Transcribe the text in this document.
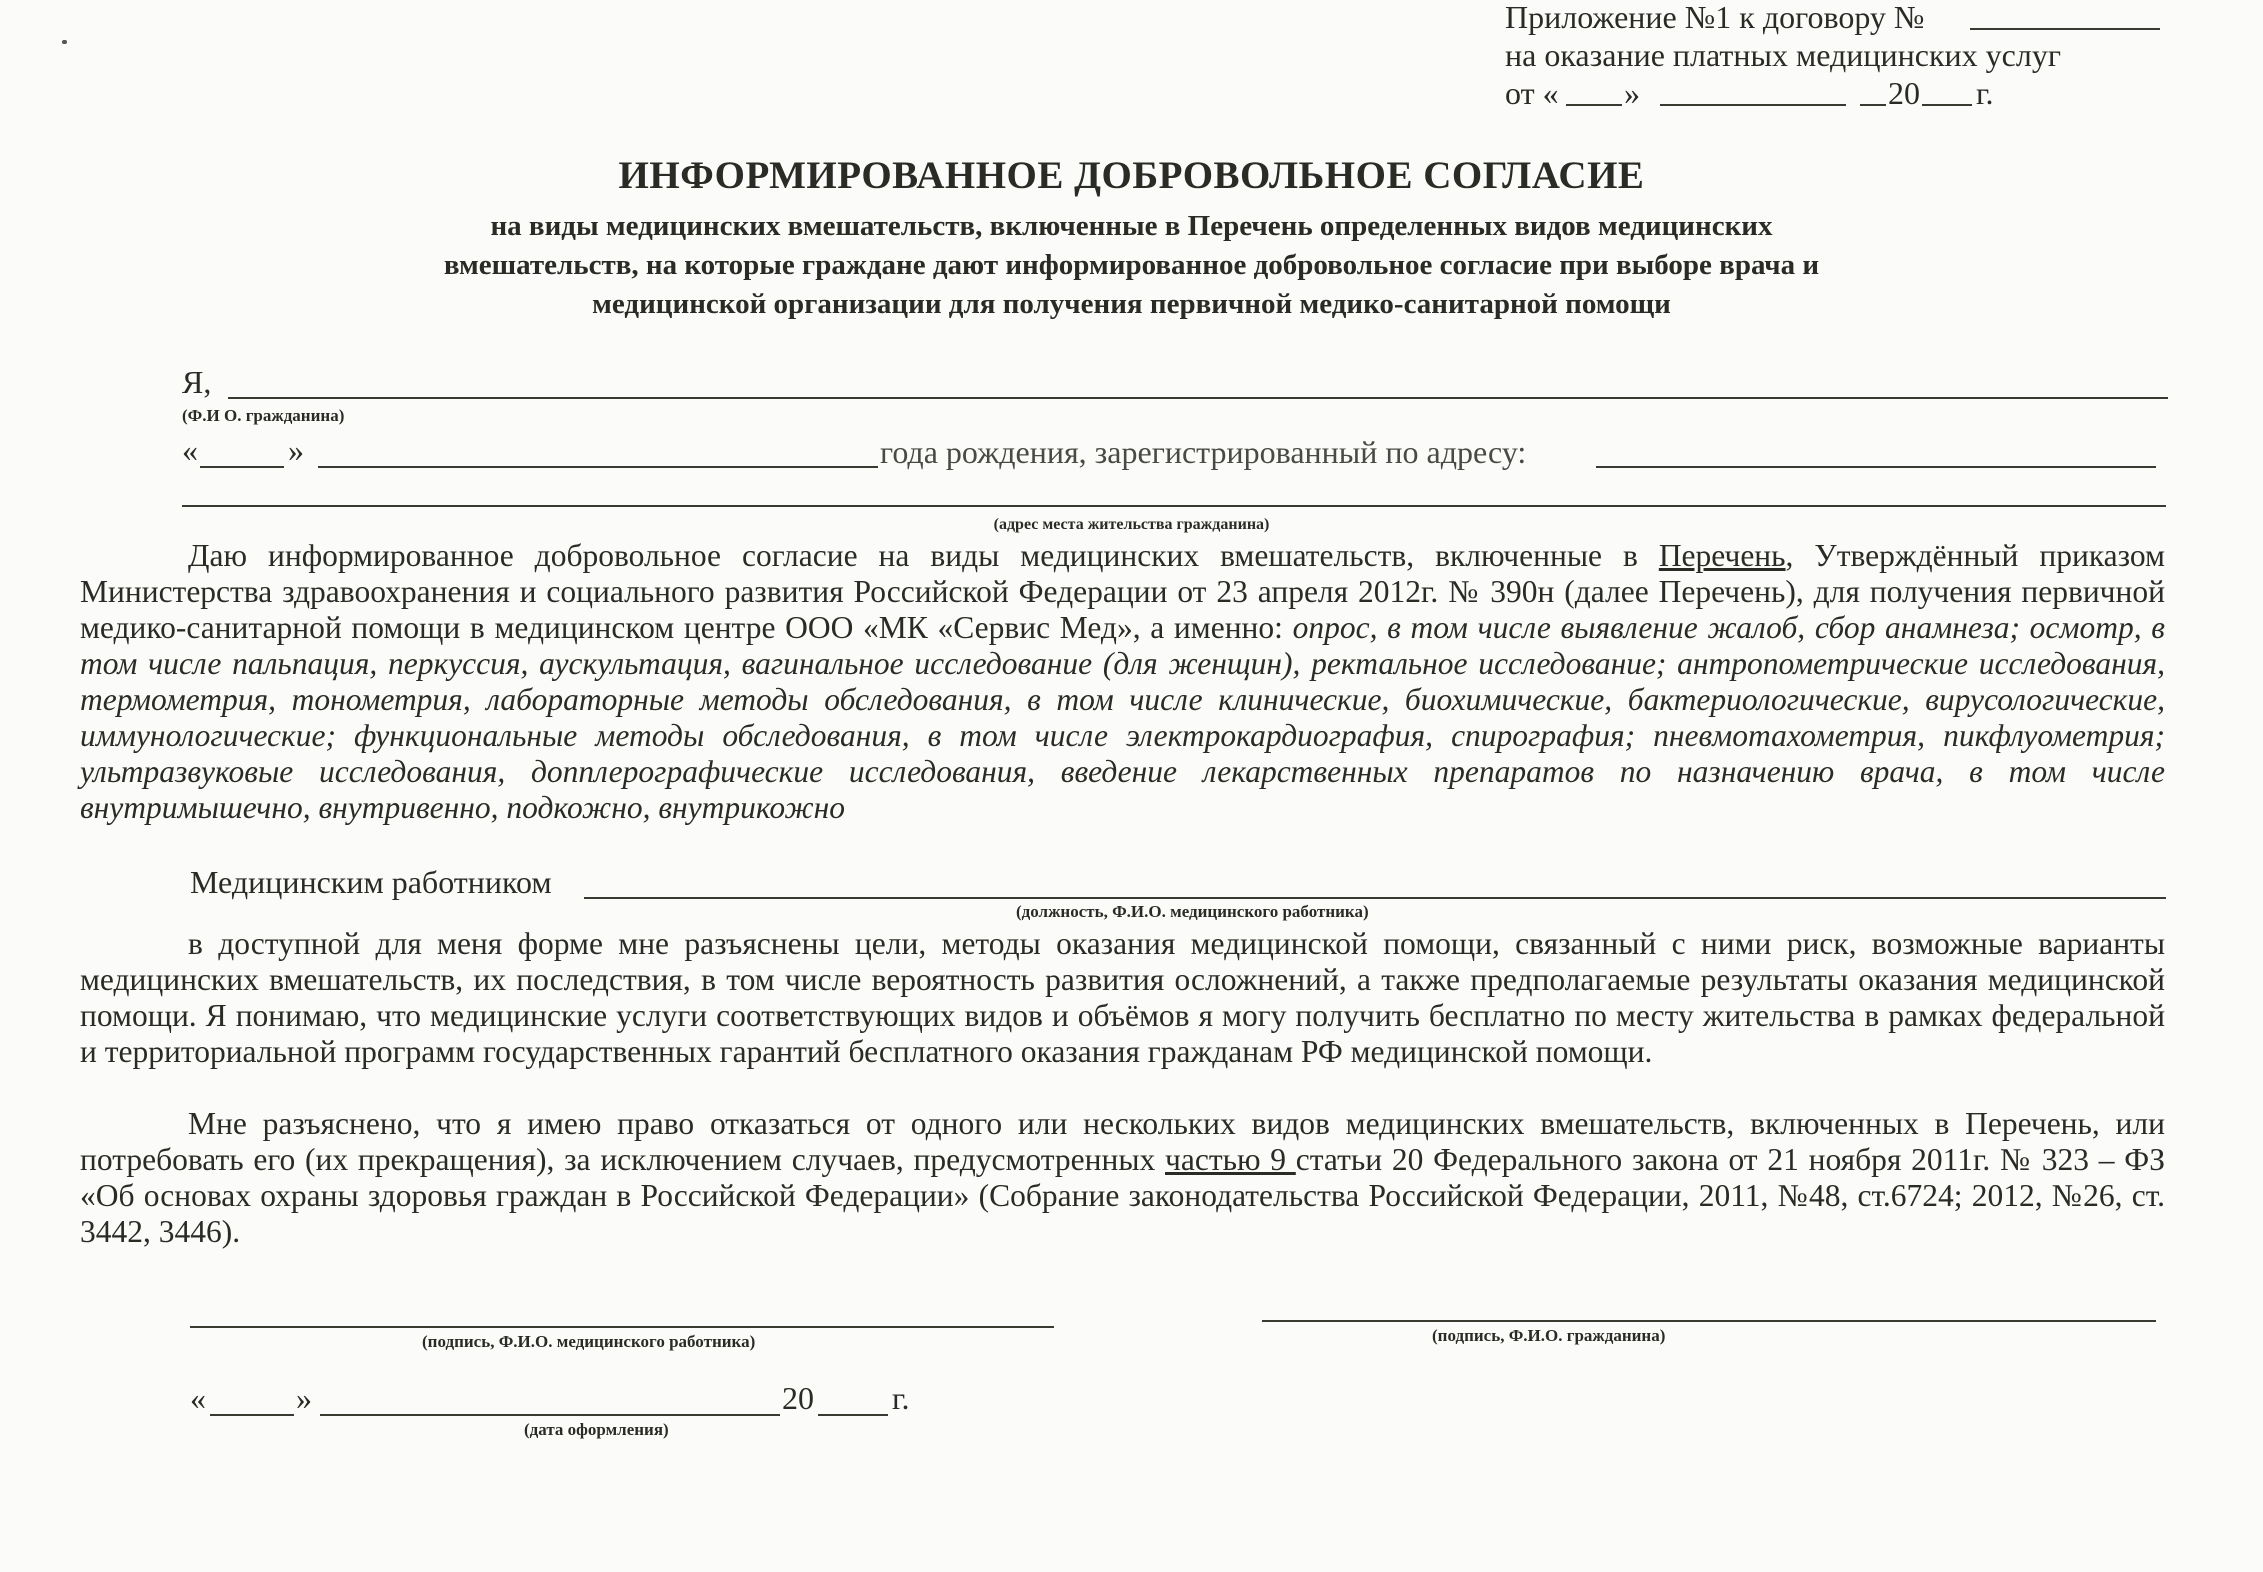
Приложение №1 к договору №
на оказание платных медицинских услуг
от « »	20 г.
ИНФОРМИРОВАННОЕ ДОБРОВОЛЬНОЕ СОГЛАСИЕ
на виды медицинских вмешательств, включенные в Перечень определенных видов медицинских
вмешательств, на которые граждане дают информированное добровольное согласие при выборе врача и
медицинской организации для получения первичной медико-санитарной помощи
Я,
(Ф.И О. гражданина)
«	»	года рождения, зарегистрированный по адресу:
(адрес места жительства гражданина)
Даю информированное добровольное согласие на виды медицинских вмешательств, включенные в Перечень, Утверждённый приказом Министерства здравоохранения и социального развития Российской Федерации от 23 апреля 2012г. № 390н (далее Перечень), для получения первичной медико-санитарной помощи в медицинском центре ООО «МК «Сервис Мед», а именно: опрос, в том числе выявление жалоб, сбор анамнеза; осмотр, в том числе пальпация, перкуссия, аускультация, вагинальное исследование (для женщин), ректальное исследование; антропометрические исследования, термометрия, тонометрия, лабораторные методы обследования, в том числе клинические, биохимические, бактериологические, вирусологические, иммунологические; функциональные методы обследования, в том числе электрокардиография, спирография; пневмотахометрия, пикфлуометрия; ультразвуковые исследования, допплерографические исследования, введение лекарственных препаратов по назначению врача, в том числе внутримышечно, внутривенно, подкожно, внутрикожно
Медицинским работником
(должность, Ф.И.О. медицинского работника)
в доступной для меня форме мне разъяснены цели, методы оказания медицинской помощи, связанный с ними риск, возможные варианты медицинских вмешательств, их последствия, в том числе вероятность развития осложнений, а также предполагаемые результаты оказания медицинской помощи. Я понимаю, что медицинские услуги соответствующих видов и объёмов я могу получить бесплатно по месту жительства в рамках федеральной и территориальной программ государственных гарантий бесплатного оказания гражданам РФ медицинской помощи.
Мне разъяснено, что я имею право отказаться от одного или нескольких видов медицинских вмешательств, включенных в Перечень, или потребовать его (их прекращения), за исключением случаев, предусмотренных частью 9 статьи 20 Федерального закона от 21 ноября 2011г. № 323 – ФЗ «Об основах охраны здоровья граждан в Российской Федерации» (Собрание законодательства Российской Федерации, 2011, №48, ст.6724; 2012, №26, ст. 3442, 3446).
(подпись, Ф.И.О. медицинского работника)	(подпись, Ф.И.О. гражданина)
«	»	20 г.
(дата оформления)
